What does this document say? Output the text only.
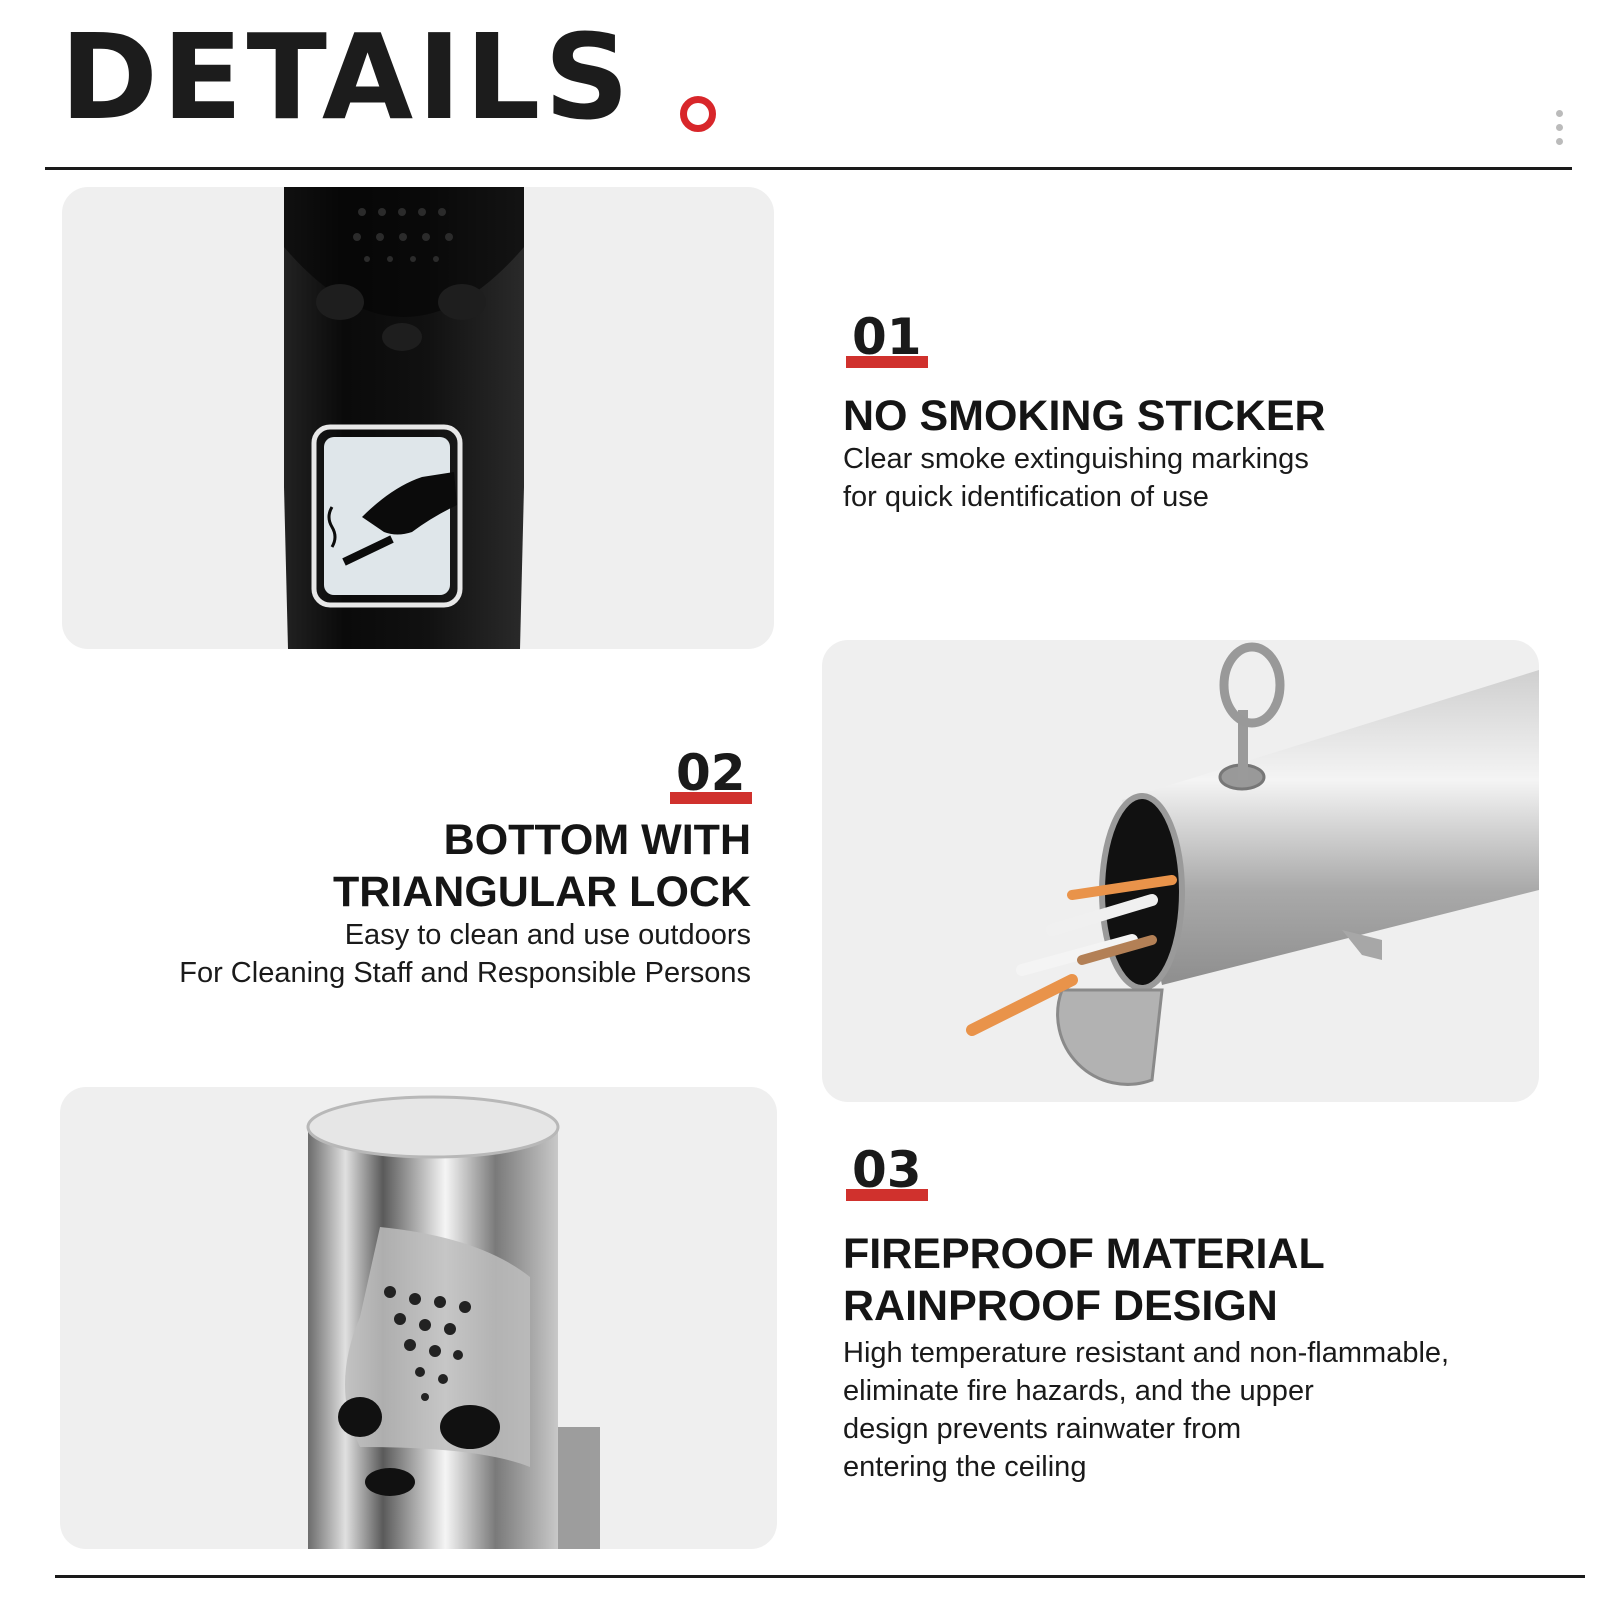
DETAILS
01
NO SMOKING STICKER
Clear smoke extinguishing markings
for quick identification of use
02
BOTTOM WITH
TRIANGULAR LOCK
Easy to clean and use outdoors
For Cleaning Staff and Responsible Persons
03
FIREPROOF MATERIAL
RAINPROOF DESIGN
High temperature resistant and non-flammable,
eliminate fire hazards, and the upper
design prevents rainwater from
entering the ceiling
